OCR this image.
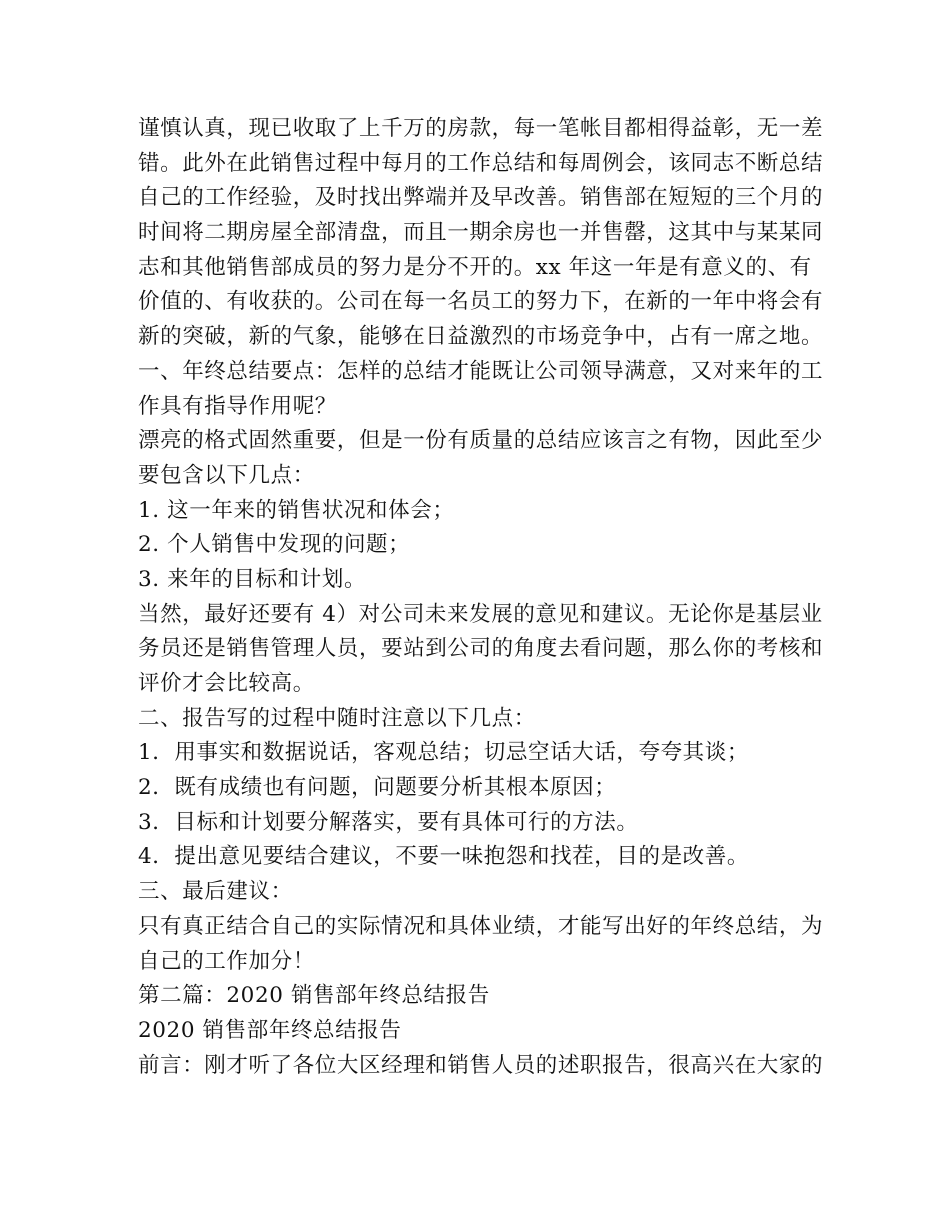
谨慎认真，现已收取了上千万的房款，每一笔帐目都相得益彰，无一差
错。此外在此销售过程中每月的工作总结和每周例会，该同志不断总结
自己的工作经验，及时找出弊端并及早改善。销售部在短短的三个月的
时间将二期房屋全部清盘，而且一期余房也一并售罄，这其中与某某同
志和其他销售部成员的努力是分不开的。xx 年这一年是有意义的、有
价值的、有收获的。公司在每一名员工的努力下，在新的一年中将会有
新的突破，新的气象，能够在日益激烈的市场竞争中，占有一席之地。
一、年终总结要点：怎样的总结才能既让公司领导满意，又对来年的工
作具有指导作用呢？
漂亮的格式固然重要，但是一份有质量的总结应该言之有物，因此至少
要包含以下几点：
1. 这一年来的销售状况和体会；
2. 个人销售中发现的问题；
3. 来年的目标和计划。
当然，最好还要有 4）对公司未来发展的意见和建议。无论你是基层业
务员还是销售管理人员，要站到公司的角度去看问题，那么你的考核和
评价才会比较高。
二、报告写的过程中随时注意以下几点：
1．用事实和数据说话，客观总结；切忌空话大话，夸夸其谈；
2．既有成绩也有问题，问题要分析其根本原因；
3．目标和计划要分解落实，要有具体可行的方法。
4．提出意见要结合建议，不要一味抱怨和找茬，目的是改善。
三、最后建议：
只有真正结合自己的实际情况和具体业绩，才能写出好的年终总结，为
自己的工作加分！
第二篇：2020 销售部年终总结报告
2020 销售部年终总结报告
前言：刚才听了各位大区经理和销售人员的述职报告，很高兴在大家的
